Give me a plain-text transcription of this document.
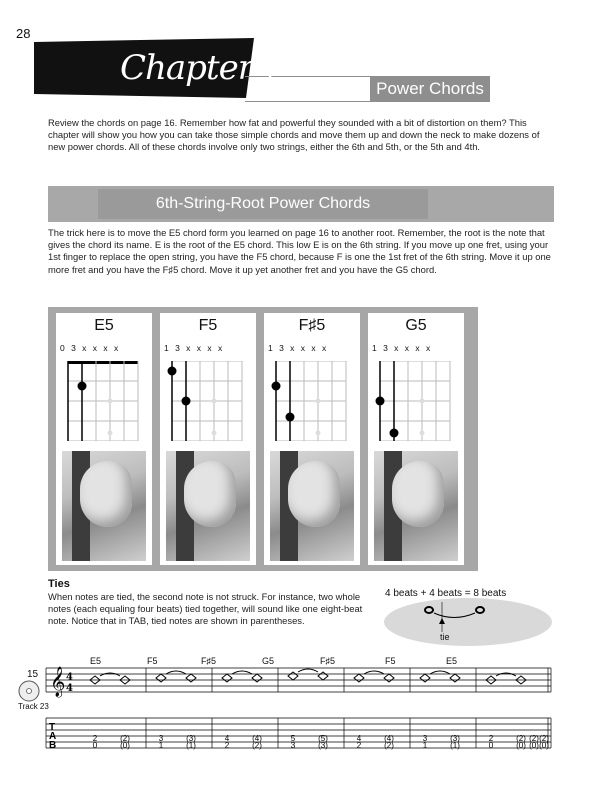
28
Chapter 7
Power Chords
Review the chords on page 16. Remember how fat and powerful they sounded with a bit of distortion on them? This chapter will show you how you can take those simple chords and move them up and down the neck to make dozens of new power chords. All of these chords involve only two strings, either the 6th and 5th, or the 5th and 4th.
6th-String-Root Power Chords
The trick here is to move the E5 chord form you learned on page 16 to another root. Remember, the root is the note that gives the chord its name. E is the root of the E5 chord. This low E is on the 6th string. If you move up one fret, using your 1st finger to replace the open string, you have the F5 chord, because F is one the 1st fret of the 6th string. Move it up one more fret and you have the F♯5 chord. Move it up yet another fret and you have the G5 chord.
E5
0 3 x x x x
F5
1 3 x x x x
F♯5
1 3 x x x x
G5
1 3 x x x x
Ties
When notes are tied, the second note is not struck. For instance, two whole notes (each equaling four beats) tied together, will sound like one eight-beat note. Notice that in TAB, tied notes are shown in parentheses.
4 beats + 4 beats = 8 beats
tie
15
Track 23
𝄞 4
4
T
A
B
2	(2)	3	(3)	4	(4)	5	(5)	4	(4)	3	(3)	2	(2) (2) (2)
0	(0)	1	(1)	2	(2)	3	(3)	2	(2)	1	(1)	0	(0) (0) (0)
E5	F5	F♯5	G5	F♯5	F5	E5
